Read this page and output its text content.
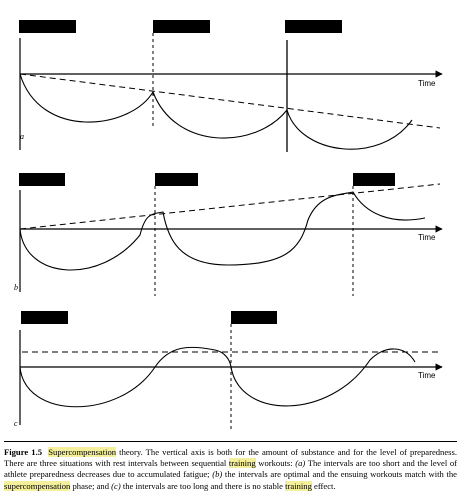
Time
a
Time
b
Time
c
Figure 1.5 Supercompensation theory. The vertical axis is both for the amount of substance and for the level of preparedness. There are three situations with rest intervals between sequential training workouts: (a) The intervals are too short and the level of athlete preparedness decreases due to accumulated fatigue; (b) the intervals are optimal and the ensuing workouts match with the supercompensation phase; and (c) the intervals are too long and there is no stable training effect.
